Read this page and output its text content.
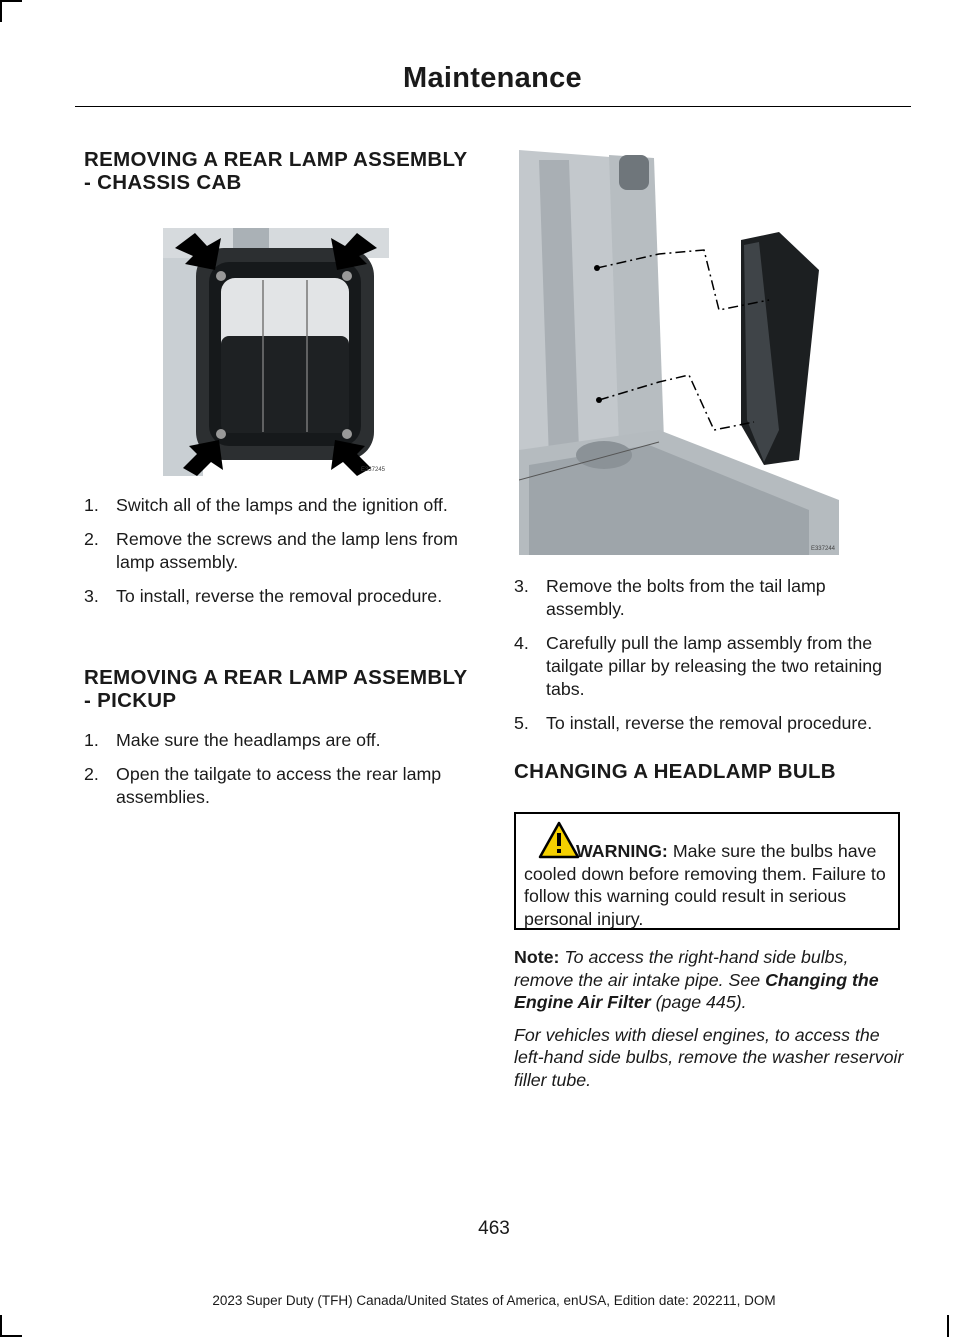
Maintenance
REMOVING A REAR LAMP ASSEMBLY - CHASSIS CAB
E337245
1. Switch all of the lamps and the ignition off.
2. Remove the screws and the lamp lens from lamp assembly.
3. To install, reverse the removal procedure.
REMOVING A REAR LAMP ASSEMBLY - PICKUP
1. Make sure the headlamps are off.
2. Open the tailgate to access the rear lamp assemblies.
E337244
3. Remove the bolts from the tail lamp assembly.
4. Carefully pull the lamp assembly from the tailgate pillar by releasing the two retaining tabs.
5. To install, reverse the removal procedure.
CHANGING A HEADLAMP BULB
WARNING: Make sure the bulbs have cooled down before removing them. Failure to follow this warning could result in serious personal injury.

Note: To access the right-hand side bulbs, remove the air intake pipe. See Changing the Engine Air Filter (page 445).

For vehicles with diesel engines, to access the left-hand side bulbs, remove the washer reservoir filler tube.

463
2023 Super Duty (TFH) Canada/United States of America, enUSA, Edition date: 202211, DOM
